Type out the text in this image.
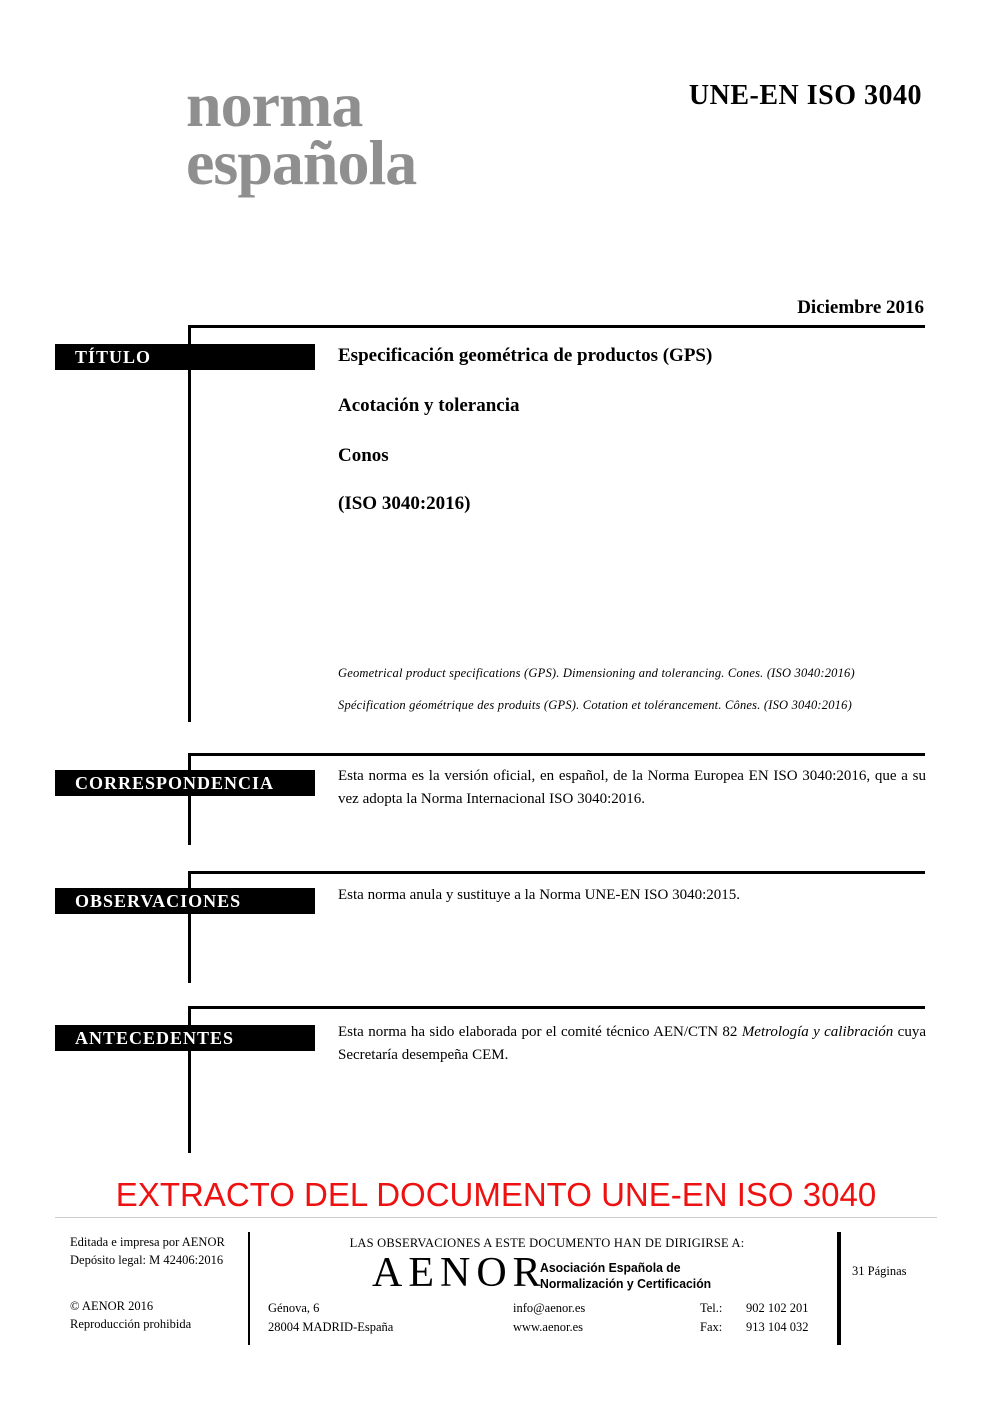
norma
española
UNE-EN ISO 3040
Diciembre 2016
TÍTULO	Especificación geométrica de productos (GPS)
Acotación y tolerancia
Conos
(ISO 3040:2016)
Geometrical product specifications (GPS). Dimensioning and tolerancing. Cones. (ISO 3040:2016)
Spécification géométrique des produits (GPS). Cotation et tolérancement. Cônes. (ISO 3040:2016)
CORRESPONDENCIA	Esta norma es la versión oficial, en español, de la Norma Europea EN ISO 3040:2016, que a su vez adopta la Norma Internacional ISO 3040:2016.
OBSERVACIONES	Esta norma anula y sustituye a la Norma UNE-EN ISO 3040:2015.
ANTECEDENTES	Esta norma ha sido elaborada por el comité técnico AEN/CTN 82 Metrología y calibración cuya Secretaría desempeña CEM.
EXTRACTO DEL DOCUMENTO UNE-EN ISO 3040
Editada e impresa por AENOR
Depósito legal: M 42406:2016
© AENOR 2016
Reproducción prohibida
LAS OBSERVACIONES A ESTE DOCUMENTO HAN DE DIRIGIRSE A:
AENOR
Asociación Española de
Normalización y Certificación
Génova, 6
28004 MADRID-España
info@aenor.es
www.aenor.es
Tel.:	902 102 201
Fax:	913 104 032
31 Páginas
